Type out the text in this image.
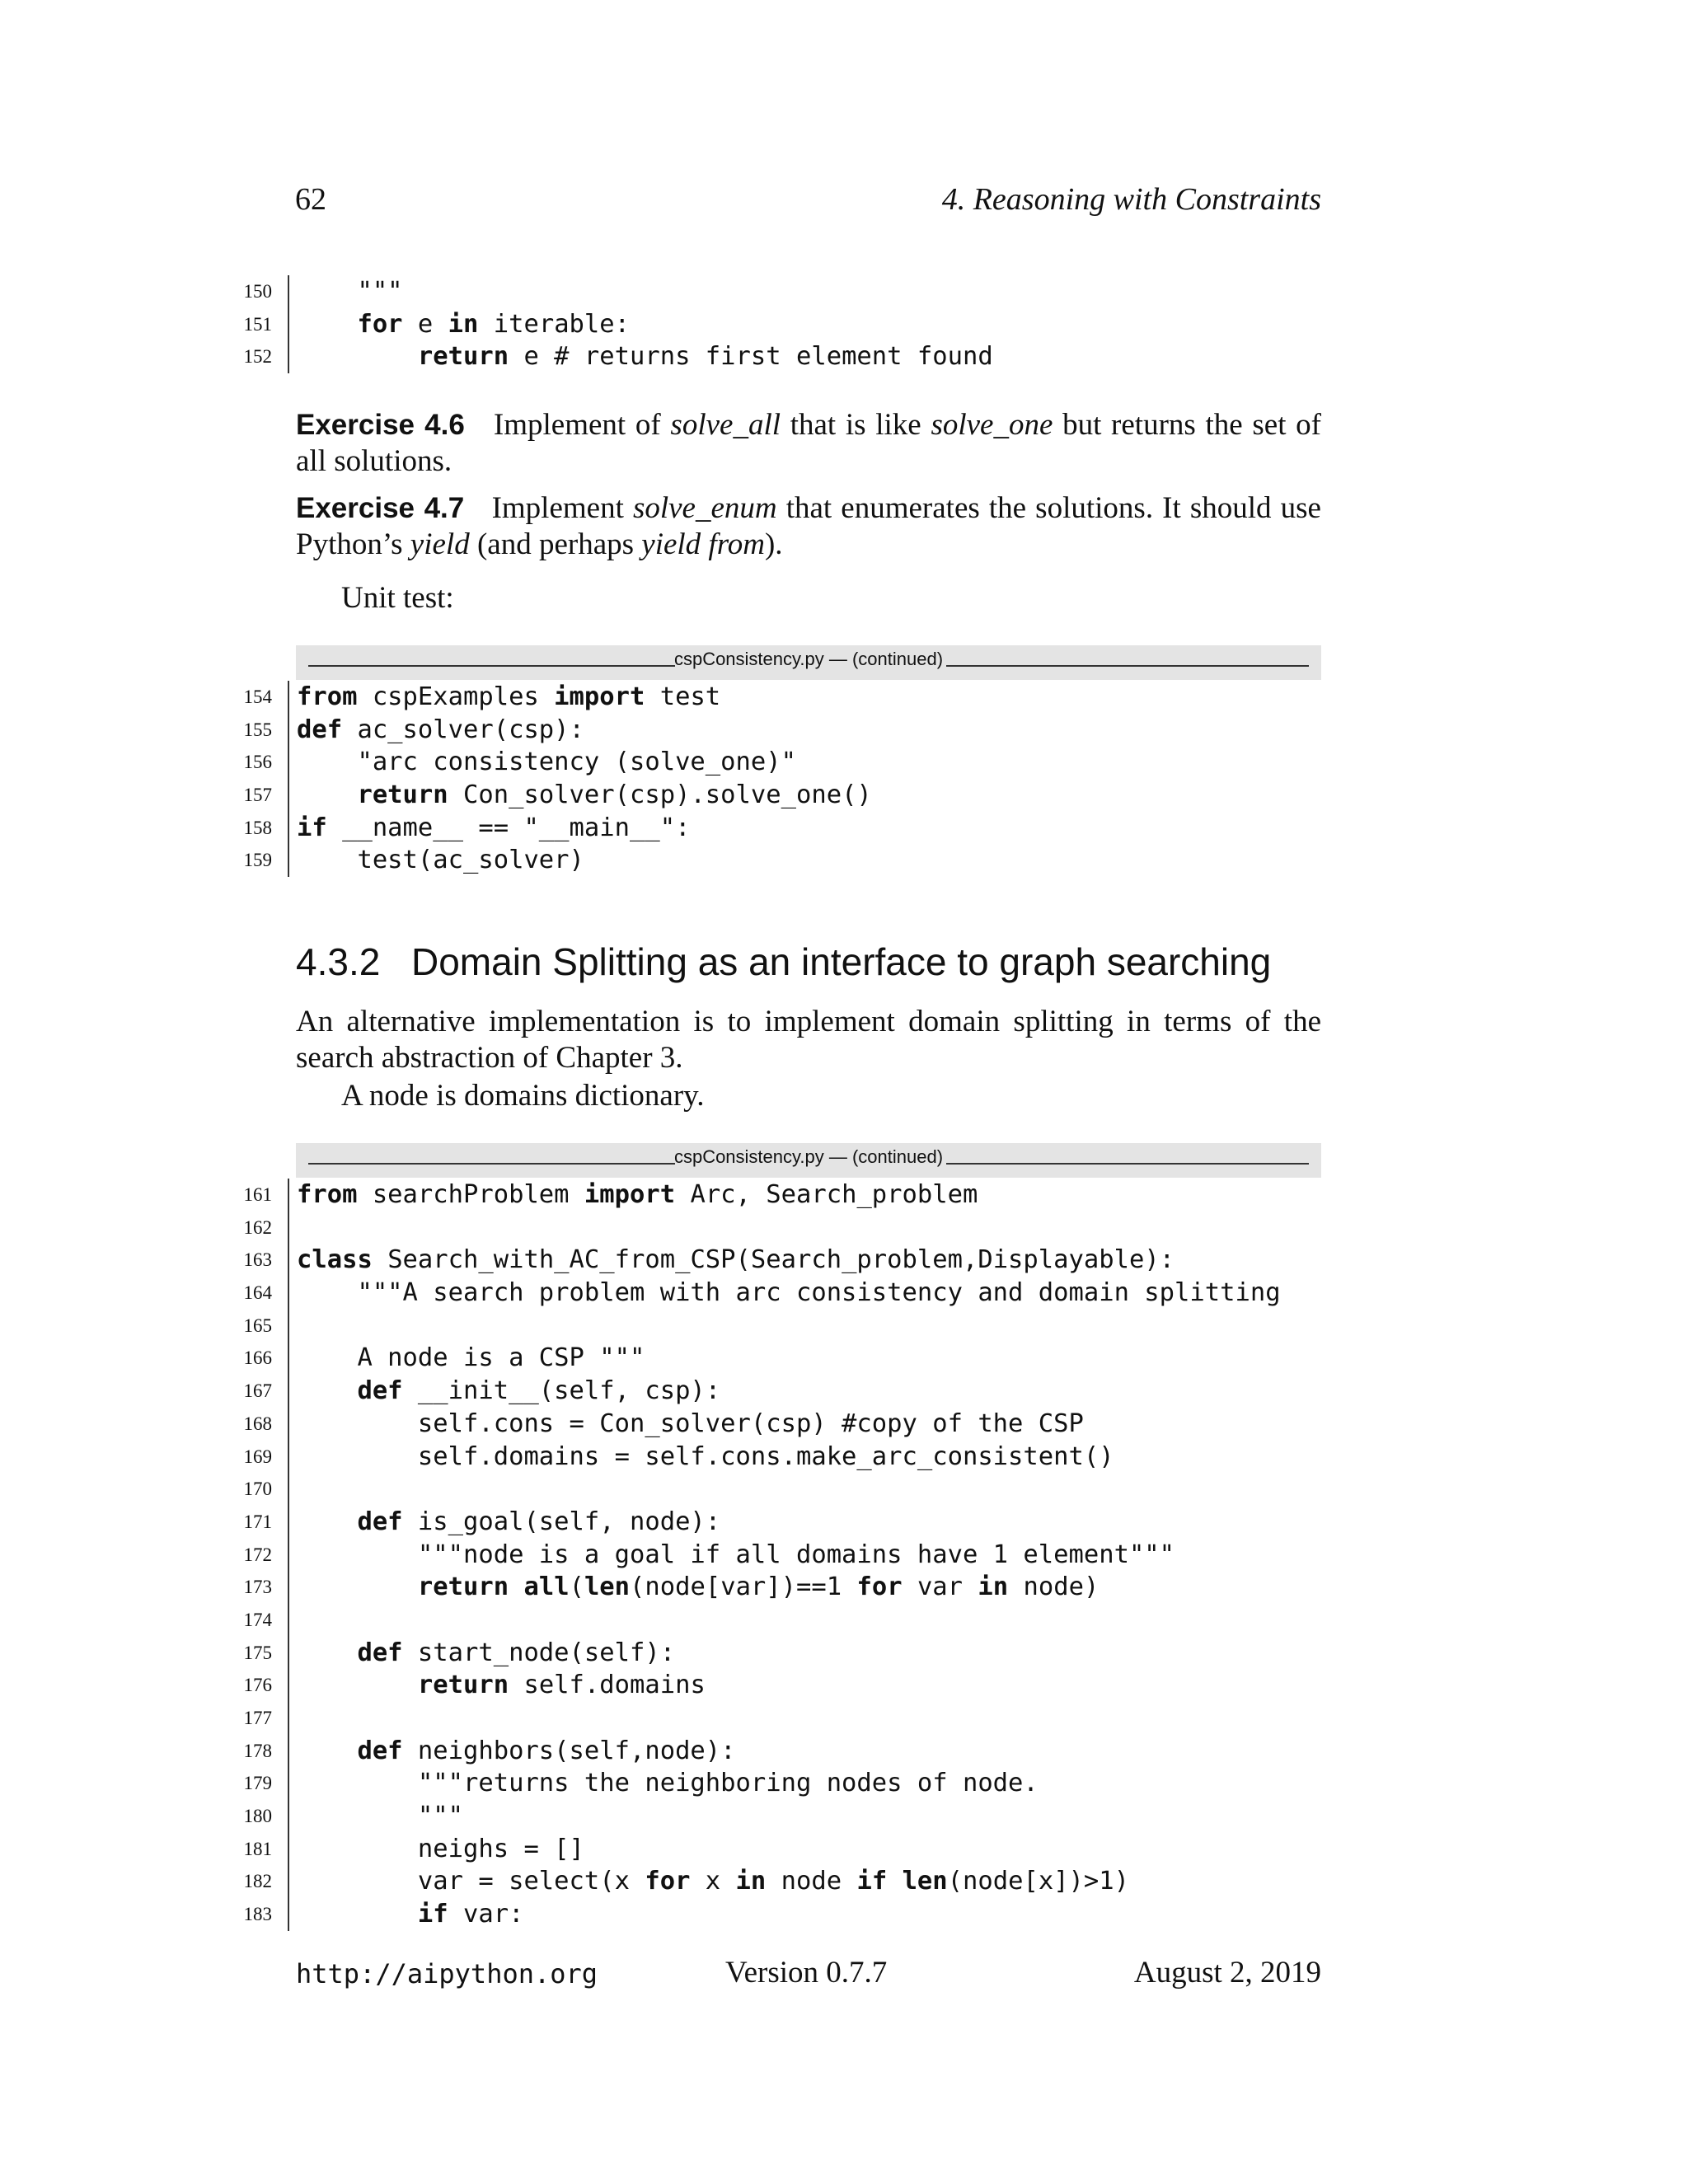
62	4. Reasoning with Constraints
150 """
151	for e in iterable:
152	return e # returns first element found
Exercise 4.6 Implement of solve_all that is like solve_one but returns the set of all solutions.
Exercise 4.7 Implement solve_enum that enumerates the solutions. It should use Python’s yield (and perhaps yield from).
Unit test:
cspConsistency.py — (continued)
154 from cspExamples import test
155 def ac_solver(csp):
156 "arc consistency (solve_one)"
157	return Con_solver(csp).solve_one()
158 if __name__ == "__main__":
159 test(ac_solver)
4.3.2 Domain Splitting as an interface to graph searching
An alternative implementation is to implement domain splitting in terms of the search abstraction of Chapter 3.
A node is domains dictionary.
cspConsistency.py — (continued)
161 from searchProblem import Arc, Search_problem
162
163 class Search_with_AC_from_CSP(Search_problem,Displayable):
164 """A search problem with arc consistency and domain splitting
165
166 A node is a CSP """
167	def __init__(self, csp):
168 self.cons = Con_solver(csp) #copy of the CSP
169 self.domains = self.cons.make_arc_consistent()
170
171	def is_goal(self, node):
172 """node is a goal if all domains have 1 element"""
173	return all(len(node[var])==1 for var in node)
174
175	def start_node(self):
176	return self.domains
177
178	def neighbors(self,node):
179 """returns the neighboring nodes of node.
180 """
181 neighs = []
182 var = select(x for x in node if len(node[x])>1)
183	if var:
http://aipython.org	Version 0.7.7	August 2, 2019
